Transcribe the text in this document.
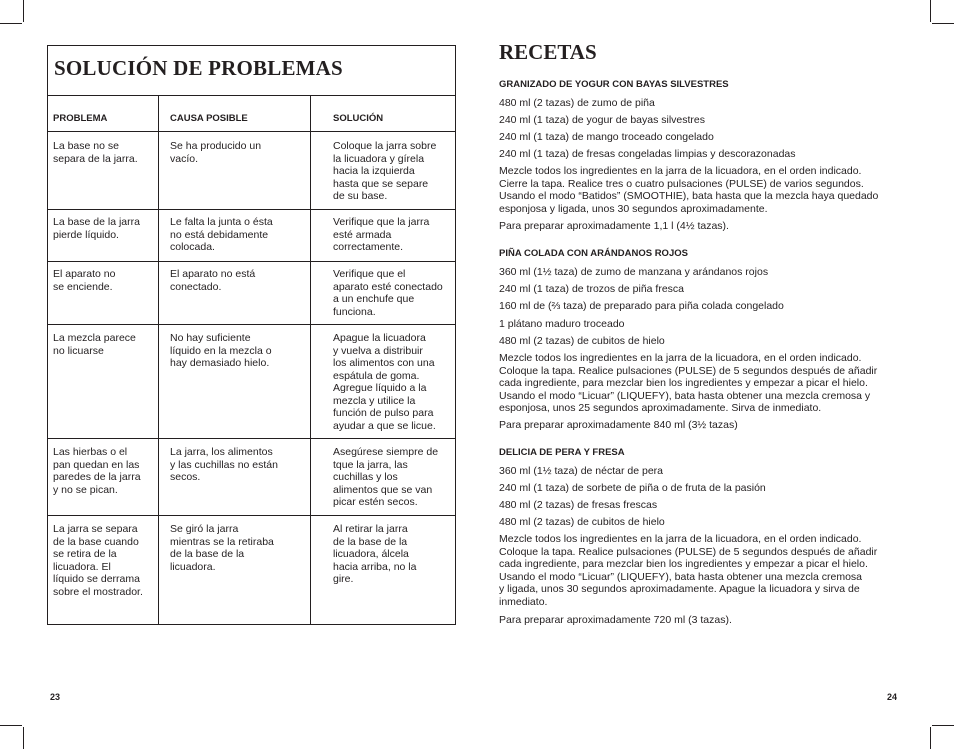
SOLUCIÓN DE PROBLEMAS
PROBLEMA	CAUSA POSIBLE	SOLUCIÓN
La base no se
separa de la jarra.
Se ha producido un
vacío.
Coloque la jarra sobre
la licuadora y gírela
hacia la izquierda
hasta que se separe
de su base.
La base de la jarra
pierde líquido.
Le falta la junta o ésta
no está debidamente
colocada.
Verifique que la jarra
esté armada
correctamente.
El aparato no
se enciende.
El aparato no está
conectado.
Verifique que el
aparato esté conectado
a un enchufe que
funciona.
La mezcla parece
no licuarse
No hay suficiente
líquido en la mezcla o
hay demasiado hielo.
Apague la licuadora
y vuelva a distribuir
los alimentos con una
espátula de goma.
Agregue líquido a la
mezcla y utilice la
función de pulso para
ayudar a que se licue.
Las hierbas o el
pan quedan en las
paredes de la jarra
y no se pican.
La jarra, los alimentos
y las cuchillas no están
secos.
Asegúrese siempre de
tque la jarra, las
cuchillas y los
alimentos que se van
picar estén secos.
La jarra se separa
de la base cuando
se retira de la
licuadora. El
líquido se derrama
sobre el mostrador.
Se giró la jarra
mientras se la retiraba
de la base de la
licuadora.
Al retirar la jarra
de la base de la
licuadora, álcela
hacia arriba, no la
gire.
23
RECETAS
GRANIZADO DE YOGUR CON BAYAS SILVESTRES
480 ml (2 tazas) de zumo de piña
240 ml (1 taza) de yogur de bayas silvestres
240 ml (1 taza) de mango troceado congelado
240 ml (1 taza) de fresas congeladas limpias y descorazonadas
Mezcle todos los ingredientes en la jarra de la licuadora, en el orden indicado.
Cierre la tapa. Realice tres o cuatro pulsaciones (PULSE) de varios segundos.
Usando el modo “Batidos” (SMOOTHIE), bata hasta que la mezcla haya quedado
esponjosa y ligada, unos 30 segundos aproximadamente.
Para preparar aproximadamente 1,1 l (4½ tazas).
PIÑA COLADA CON ARÁNDANOS ROJOS
360 ml (1½ taza) de zumo de manzana y arándanos rojos
240 ml (1 taza) de trozos de piña fresca
160 ml de (⅔ taza) de preparado para piña colada congelado
1 plátano maduro troceado
480 ml (2 tazas) de cubitos de hielo
Mezcle todos los ingredientes en la jarra de la licuadora, en el orden indicado.
Coloque la tapa. Realice pulsaciones (PULSE) de 5 segundos después de añadir
cada ingrediente, para mezclar bien los ingredientes y empezar a picar el hielo.
Usando el modo “Licuar” (LIQUEFY), bata hasta obtener una mezcla cremosa y
esponjosa, unos 25 segundos aproximadamente. Sirva de inmediato.
Para preparar aproximadamente 840 ml (3½ tazas)
DELICIA DE PERA Y FRESA
360 ml (1½ taza) de néctar de pera
240 ml (1 taza) de sorbete de piña o de fruta de la pasión
480 ml (2 tazas) de fresas frescas
480 ml (2 tazas) de cubitos de hielo
Mezcle todos los ingredientes en la jarra de la licuadora, en el orden indicado.
Coloque la tapa. Realice pulsaciones (PULSE) de 5 segundos después de añadir
cada ingrediente, para mezclar bien los ingredientes y empezar a picar el hielo.
Usando el modo “Licuar” (LIQUEFY), bata hasta obtener una mezcla cremosa
y ligada, unos 30 segundos aproximadamente. Apague la licuadora y sirva de
inmediato.
Para preparar aproximadamente 720 ml (3 tazas).
24
